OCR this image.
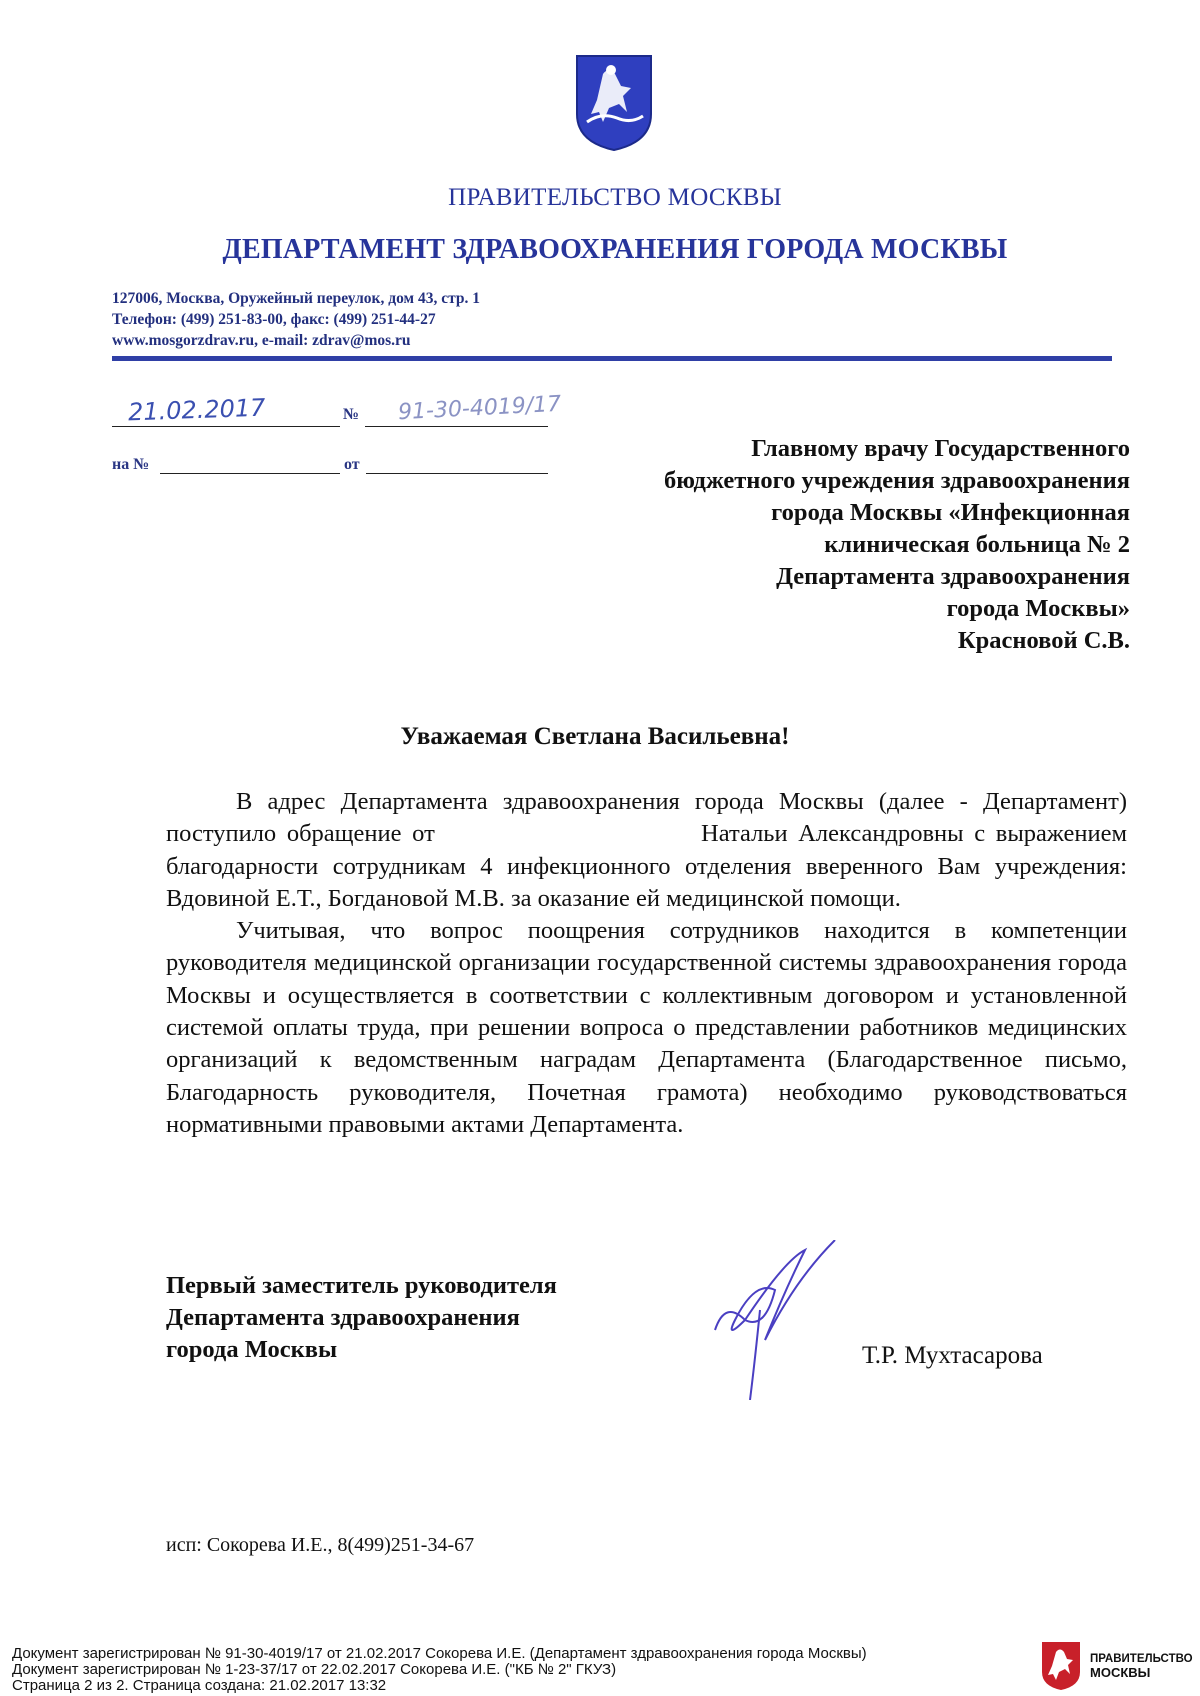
ПРАВИТЕЛЬСТВО МОСКВЫ
ДЕПАРТАМЕНТ ЗДРАВООХРАНЕНИЯ ГОРОДА МОСКВЫ
127006, Москва, Оружейный переулок, дом 43, стр. 1
Телефон: (499) 251-83-00, факс: (499) 251-44-27
www.mosgorzdrav.ru, e-mail: zdrav@mos.ru
21.02.2017	№ 91-30-4019/17
на №	от
Главному врачу Государственного
бюджетного учреждения здравоохранения
города Москвы «Инфекционная
клиническая больница № 2
Департамента здравоохранения
города Москвы»
Красновой С.В.
Уважаемая Светлана Васильевна!

В адрес Департамента здравоохранения города Москвы (далее - Департамент) поступило обращение от                         Натальи Александровны с выражением благодарности сотрудникам 4 инфекционного отделения вверенного Вам учреждения: Вдовиной Е.Т., Богдановой М.В. за оказание ей медицинской помощи.

Учитывая, что вопрос поощрения сотрудников находится в компетенции руководителя медицинской организации государственной системы здравоохранения города Москвы и осуществляется в соответствии с коллективным договором и установленной системой оплаты труда, при решении вопроса о представлении работников медицинских организаций к ведомственным наградам Департамента (Благодарственное письмо, Благодарность руководителя, Почетная грамота) необходимо руководствоваться нормативными правовыми актами Департамента.

Первый заместитель руководителя
Департамента здравоохранения
города Москвы	Т.Р. Мухтасарова
исп: Сокорева И.Е., 8(499)251-34-67
Документ зарегистрирован № 91-30-4019/17 от 21.02.2017 Сокорева И.Е. (Департамент здравоохранения города Москвы)
Документ зарегистрирован № 1-23-37/17 от 22.02.2017 Сокорева И.Е. ("КБ № 2" ГКУЗ)
Страница 2 из 2. Страница создана: 21.02.2017 13:32
ПРАВИТЕЛЬСТВО
МОСКВЫ
